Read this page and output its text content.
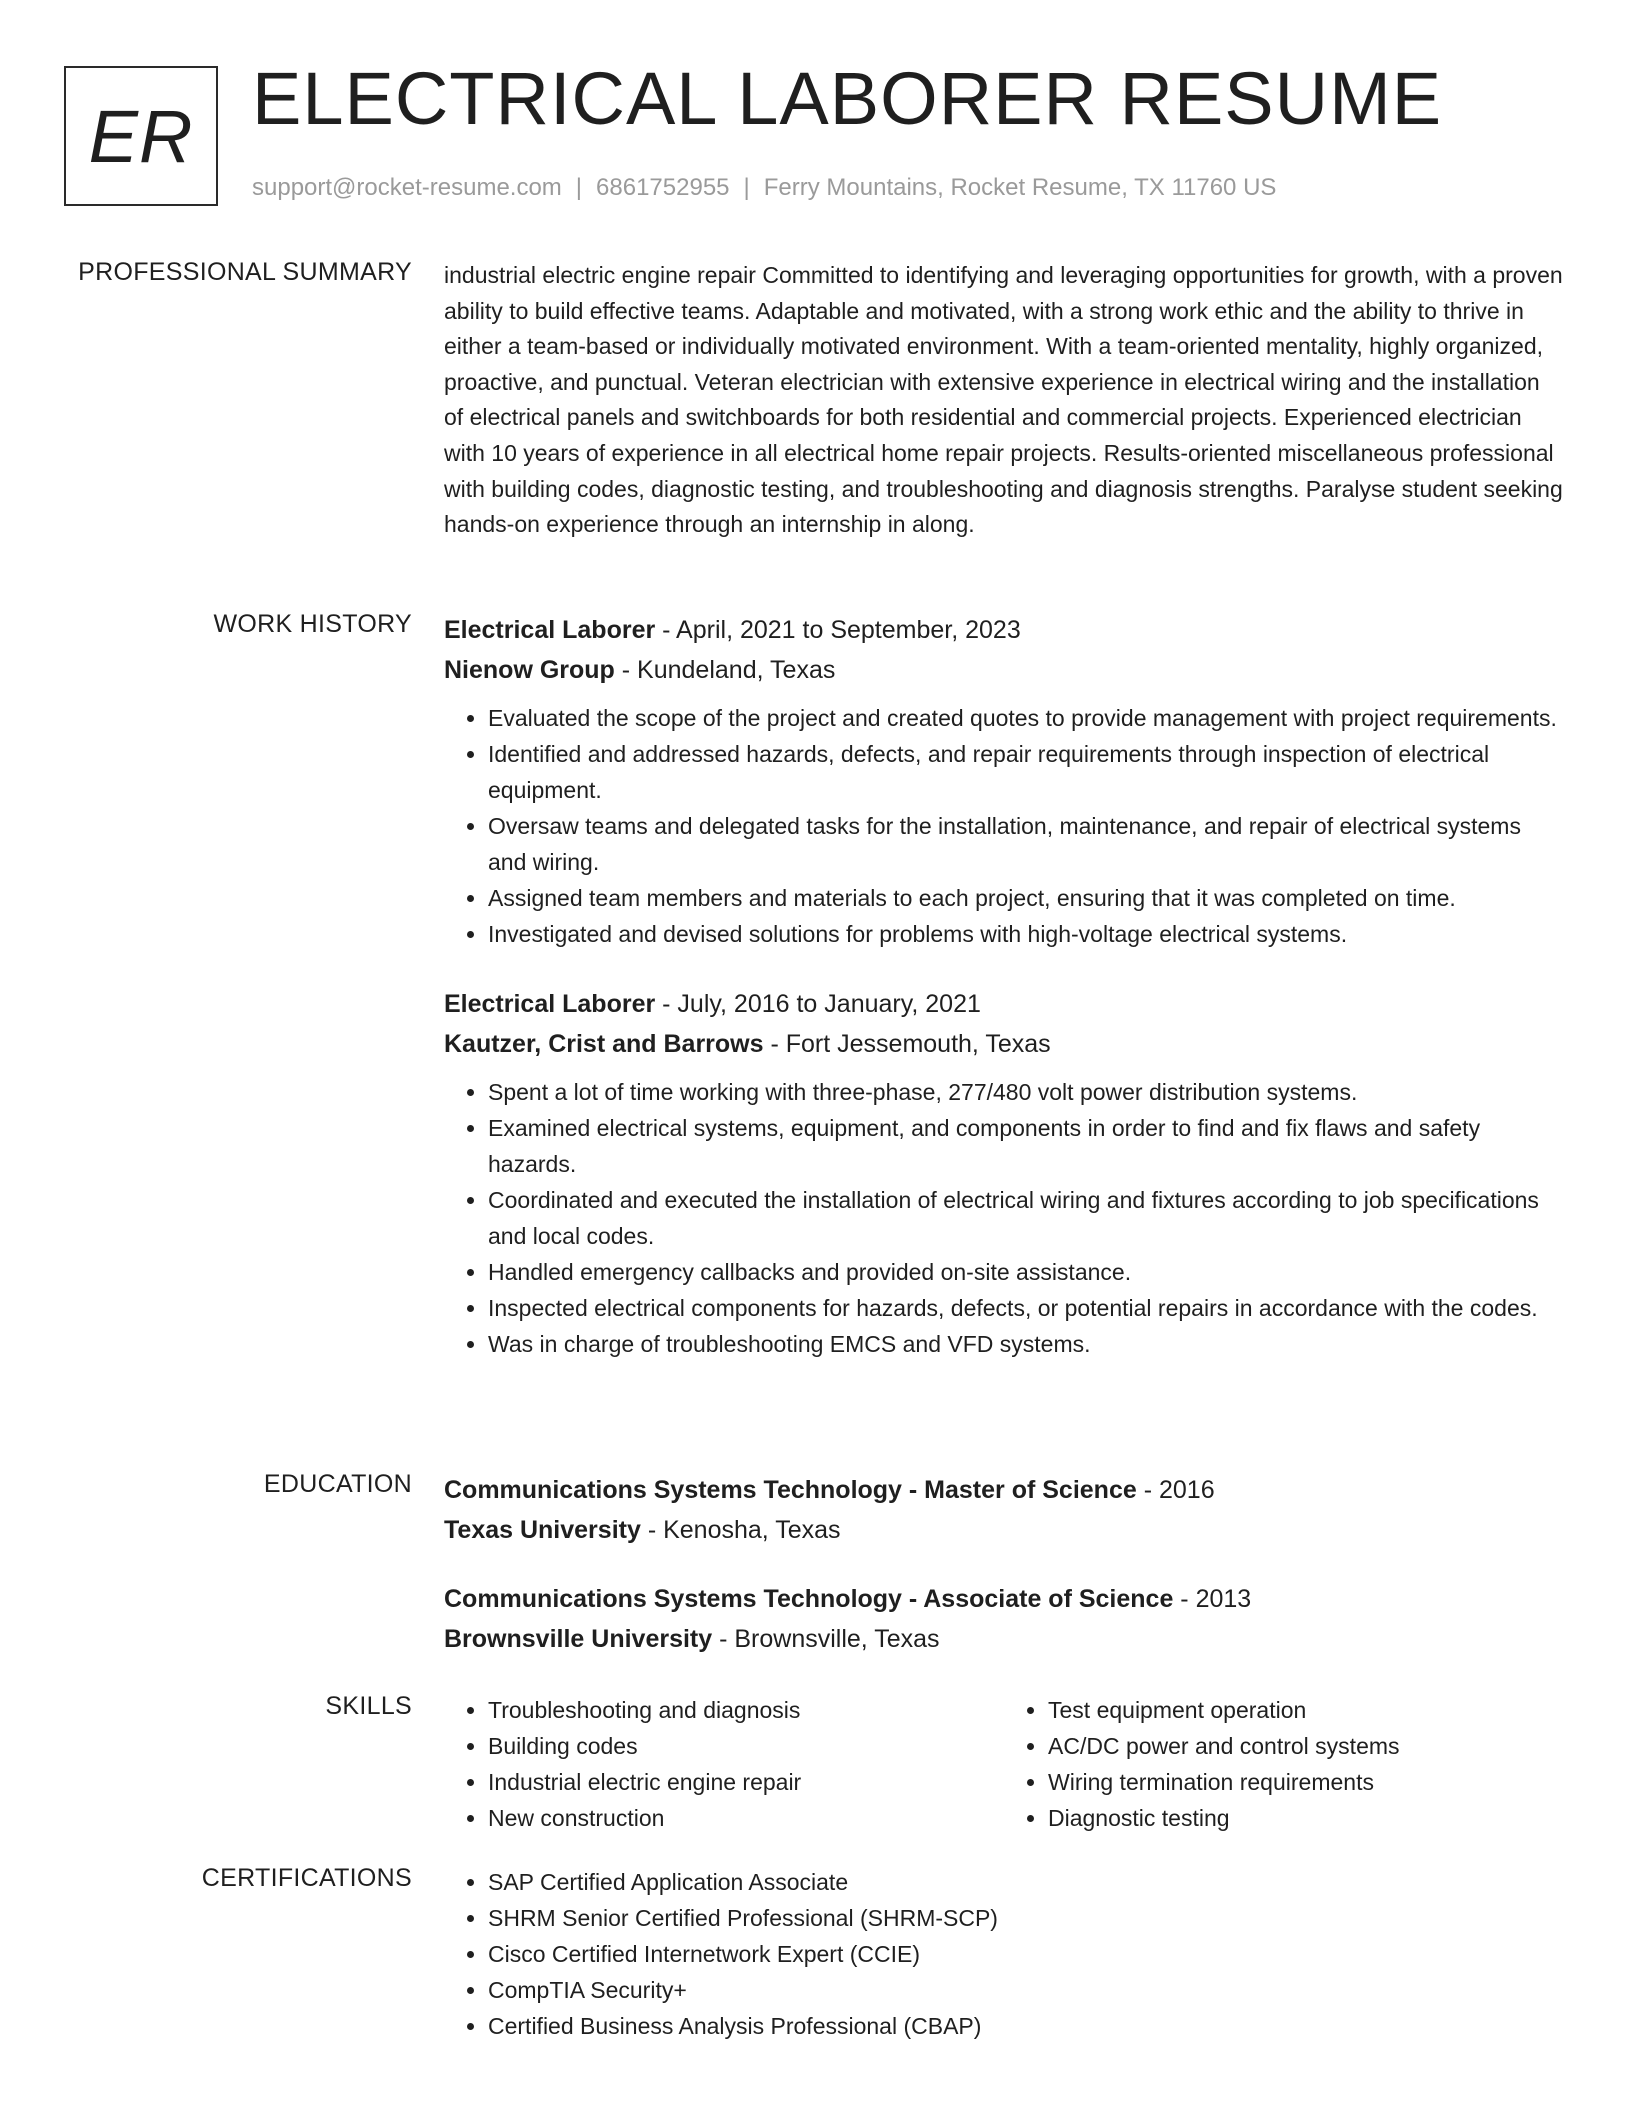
ER ELECTRICAL LABORER RESUME
support@rocket-resume.com | 6861752955 | Ferry Mountains, Rocket Resume, TX 11760 US
PROFESSIONAL SUMMARY industrial electric engine repair Committed to identifying and leveraging opportunities for growth, with a proven ability to build effective teams. Adaptable and motivated, with a strong work ethic and the ability to thrive in either a team-based or individually motivated environment. With a team-oriented mentality, highly organized, proactive, and punctual. Veteran electrician with extensive experience in electrical wiring and the installation of electrical panels and switchboards for both residential and commercial projects. Experienced electrician with 10 years of experience in all electrical home repair projects. Results-oriented miscellaneous professional with building codes, diagnostic testing, and troubleshooting and diagnosis strengths. Paralyse student seeking hands-on experience through an internship in along.

WORK HISTORY Electrical Laborer - April, 2021 to September, 2023
Nienow Group - Kundeland, Texas
• Evaluated the scope of the project and created quotes to provide management with project requirements.
• Identified and addressed hazards, defects, and repair requirements through inspection of electrical equipment.
• Oversaw teams and delegated tasks for the installation, maintenance, and repair of electrical systems and wiring.
• Assigned team members and materials to each project, ensuring that it was completed on time.
• Investigated and devised solutions for problems with high-voltage electrical systems.
Electrical Laborer - July, 2016 to January, 2021
Kautzer, Crist and Barrows - Fort Jessemouth, Texas
• Spent a lot of time working with three-phase, 277/480 volt power distribution systems.
• Examined electrical systems, equipment, and components in order to find and fix flaws and safety hazards.
• Coordinated and executed the installation of electrical wiring and fixtures according to job specifications and local codes.
• Handled emergency callbacks and provided on-site assistance.
• Inspected electrical components for hazards, defects, or potential repairs in accordance with the codes.
• Was in charge of troubleshooting EMCS and VFD systems.
EDUCATION Communications Systems Technology - Master of Science - 2016
Texas University - Kenosha, Texas
Communications Systems Technology - Associate of Science - 2013
Brownsville University - Brownsville, Texas
SKILLS	• Troubleshooting and diagnosis
• Building codes
• Industrial electric engine repair
• New construction
• Test equipment operation
• AC/DC power and control systems
• Wiring termination requirements
• Diagnostic testing
CERTIFICATIONS	• SAP Certified Application Associate
• SHRM Senior Certified Professional (SHRM-SCP)
• Cisco Certified Internetwork Expert (CCIE)
• CompTIA Security+
• Certified Business Analysis Professional (CBAP)
